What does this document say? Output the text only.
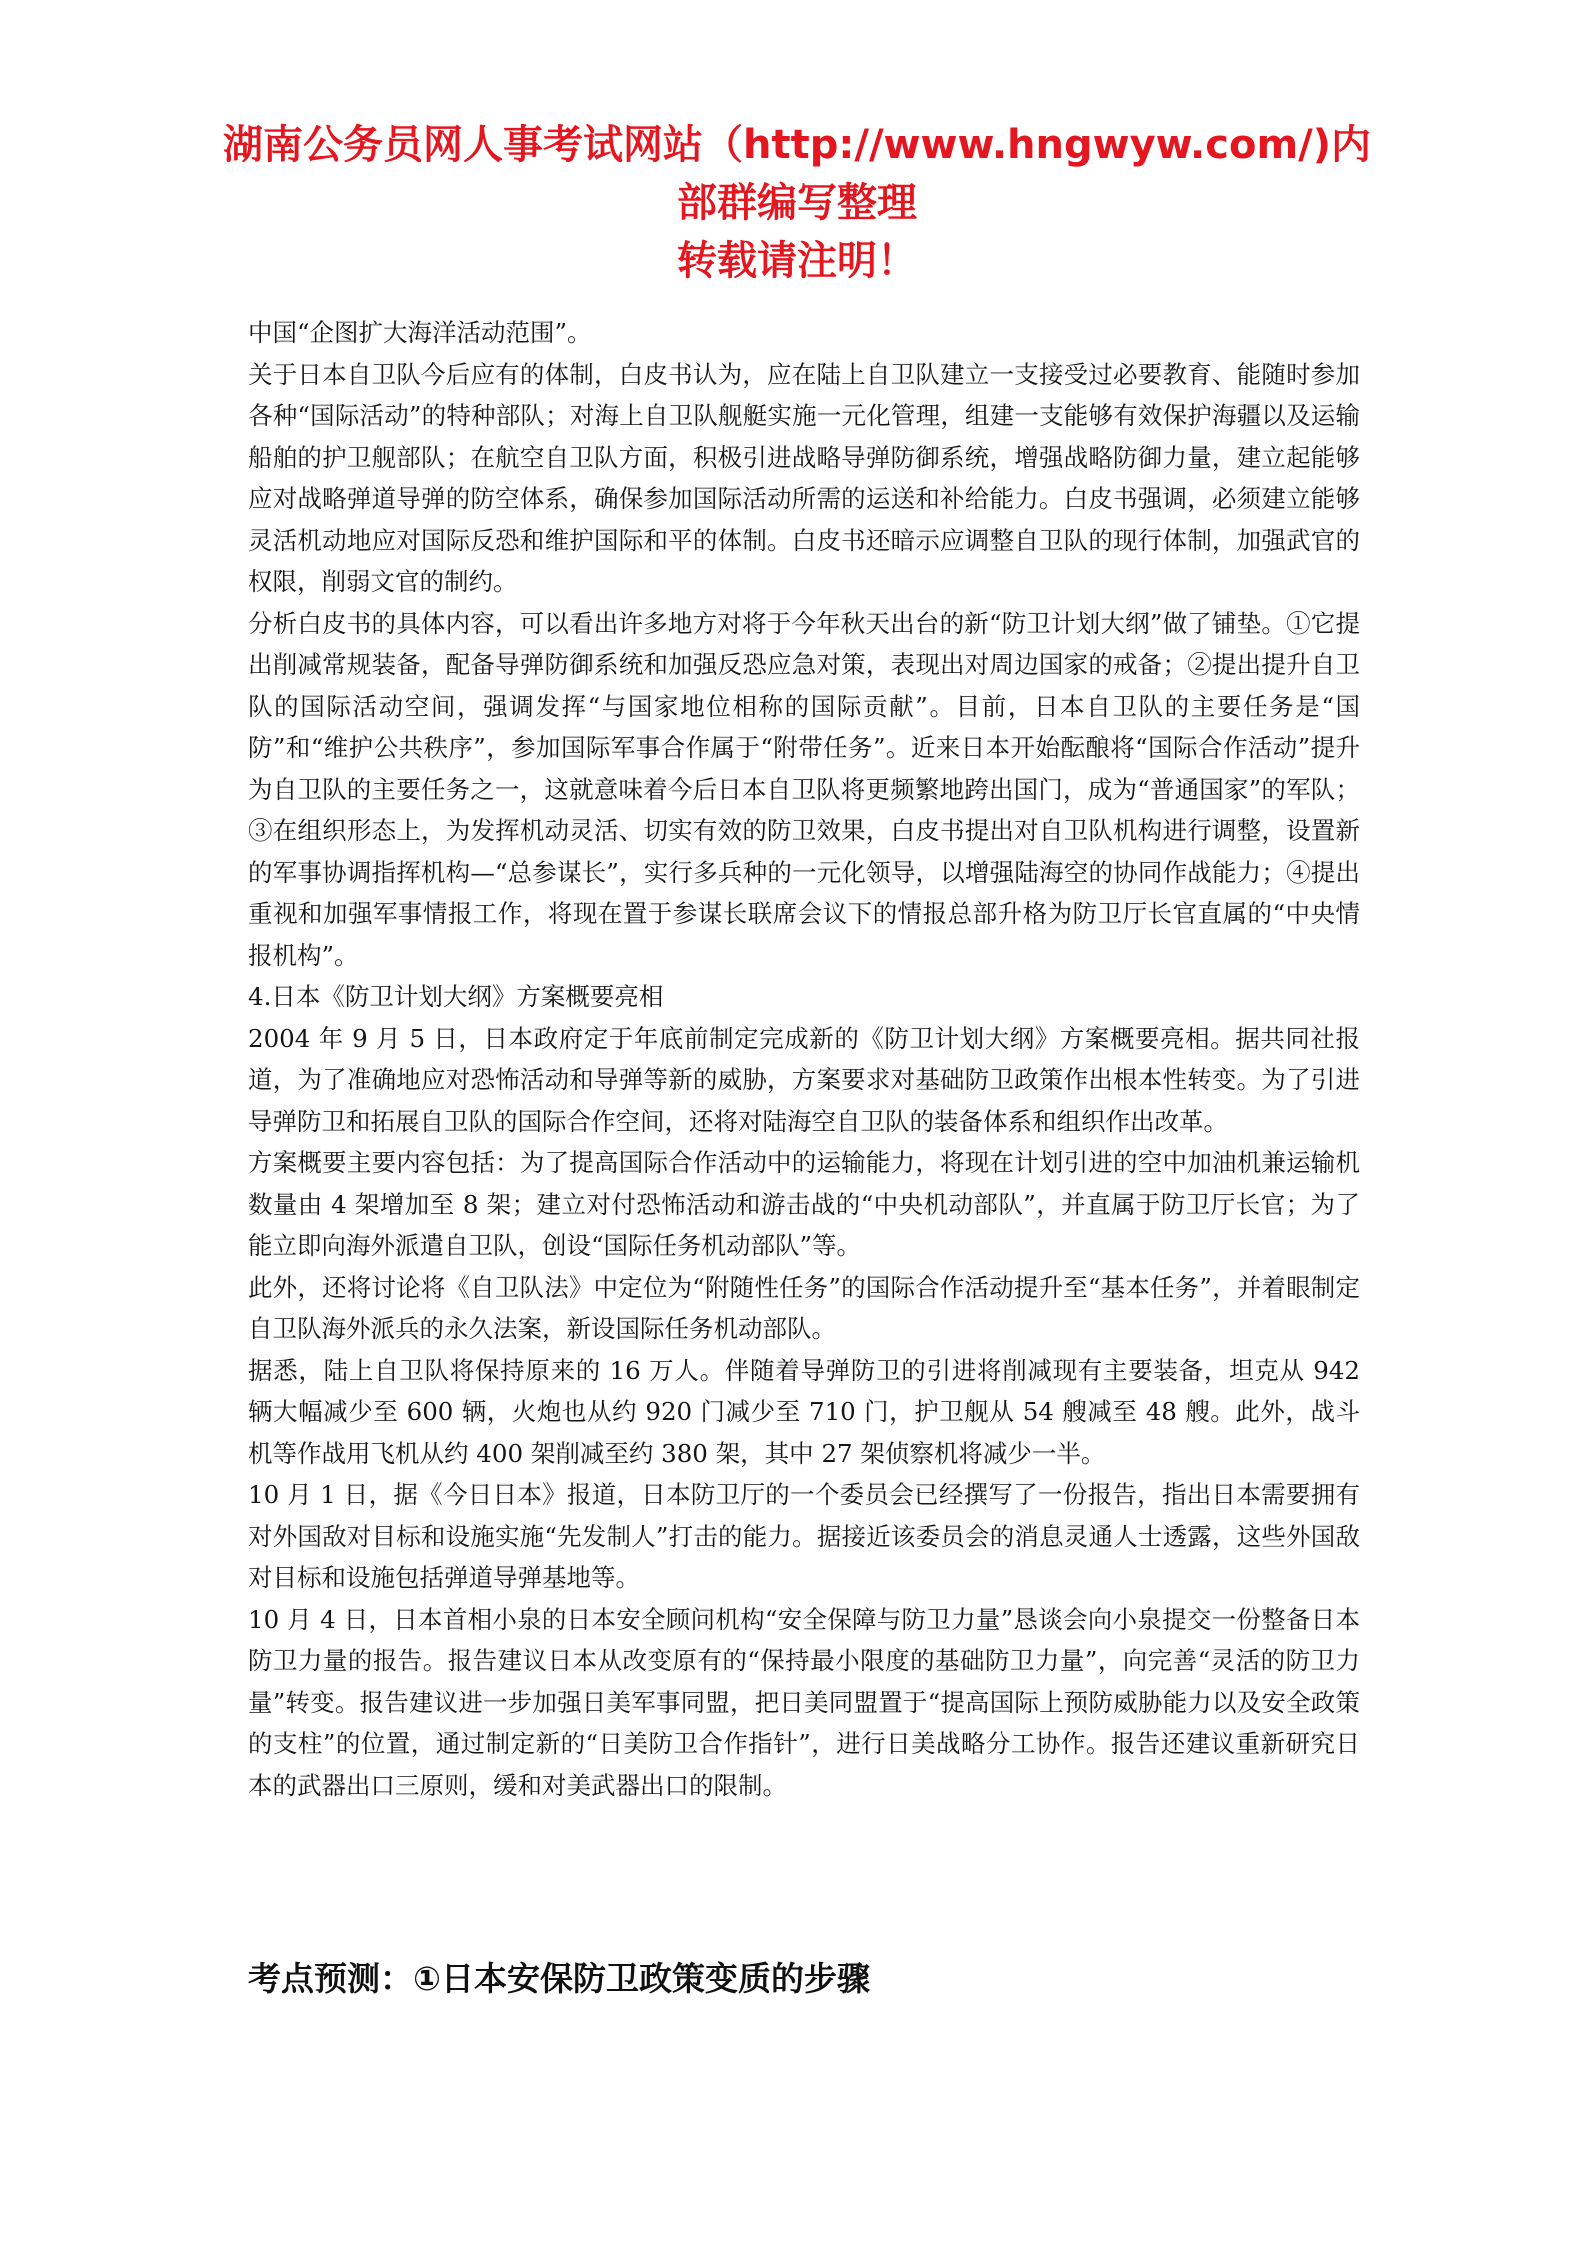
湖南公务员网人事考试网站（http://www.hngwyw.com/)内
部群编写整理
转载请注明！

中国“企图扩大海洋活动范围”。

关于日本自卫队今后应有的体制，白皮书认为，应在陆上自卫队建立一支接受过必要教育、能随时参加各种“国际活动”的特种部队；对海上自卫队舰艇实施一元化管理，组建一支能够有效保护海疆以及运输船舶的护卫舰部队；在航空自卫队方面，积极引进战略导弹防御系统，增强战略防御力量，建立起能够应对战略弹道导弹的防空体系，确保参加国际活动所需的运送和补给能力。白皮书强调，必须建立能够灵活机动地应对国际反恐和维护国际和平的体制。白皮书还暗示应调整自卫队的现行体制，加强武官的权限，削弱文官的制约。

分析白皮书的具体内容，可以看出许多地方对将于今年秋天出台的新“防卫计划大纲”做了铺垫。①它提出削减常规装备，配备导弹防御系统和加强反恐应急对策，表现出对周边国家的戒备；②提出提升自卫队的国际活动空间，强调发挥“与国家地位相称的国际贡献”。目前，日本自卫队的主要任务是“国防”和“维护公共秩序”，参加国际军事合作属于“附带任务”。近来日本开始酝酿将“国际合作活动”提升为自卫队的主要任务之一，这就意味着今后日本自卫队将更频繁地跨出国门，成为“普通国家”的军队；③在组织形态上，为发挥机动灵活、切实有效的防卫效果，白皮书提出对自卫队机构进行调整，设置新的军事协调指挥机构—“总参谋长”，实行多兵种的一元化领导，以增强陆海空的协同作战能力；④提出重视和加强军事情报工作，将现在置于参谋长联席会议下的情报总部升格为防卫厅长官直属的“中央情报机构”。

4.日本《防卫计划大纲》方案概要亮相

2004 年 9 月 5 日，日本政府定于年底前制定完成新的《防卫计划大纲》方案概要亮相。据共同社报道，为了准确地应对恐怖活动和导弹等新的威胁，方案要求对基础防卫政策作出根本性转变。为了引进导弹防卫和拓展自卫队的国际合作空间，还将对陆海空自卫队的装备体系和组织作出改革。

方案概要主要内容包括：为了提高国际合作活动中的运输能力，将现在计划引进的空中加油机兼运输机数量由 4 架增加至 8 架；建立对付恐怖活动和游击战的“中央机动部队”，并直属于防卫厅长官；为了能立即向海外派遣自卫队，创设“国际任务机动部队”等。

此外，还将讨论将《自卫队法》中定位为“附随性任务”的国际合作活动提升至“基本任务”，并着眼制定自卫队海外派兵的永久法案，新设国际任务机动部队。

据悉，陆上自卫队将保持原来的 16 万人。伴随着导弹防卫的引进将削减现有主要装备，坦克从 942 辆大幅减少至 600 辆，火炮也从约 920 门减少至 710 门，护卫舰从 54 艘减至 48 艘。此外，战斗机等作战用飞机从约 400 架削减至约 380 架，其中 27 架侦察机将减少一半。

10 月 1 日，据《今日日本》报道，日本防卫厅的一个委员会已经撰写了一份报告，指出日本需要拥有对外国敌对目标和设施实施“先发制人”打击的能力。据接近该委员会的消息灵通人士透露，这些外国敌对目标和设施包括弹道导弹基地等。

10 月 4 日，日本首相小泉的日本安全顾问机构“安全保障与防卫力量”恳谈会向小泉提交一份整备日本防卫力量的报告。报告建议日本从改变原有的“保持最小限度的基础防卫力量”，向完善“灵活的防卫力量”转变。报告建议进一步加强日美军事同盟，把日美同盟置于“提高国际上预防威胁能力以及安全政策的支柱”的位置，通过制定新的“日美防卫合作指针”，进行日美战略分工协作。报告还建议重新研究日本的武器出口三原则，缓和对美武器出口的限制。

考点预测：①日本安保防卫政策变质的步骤
